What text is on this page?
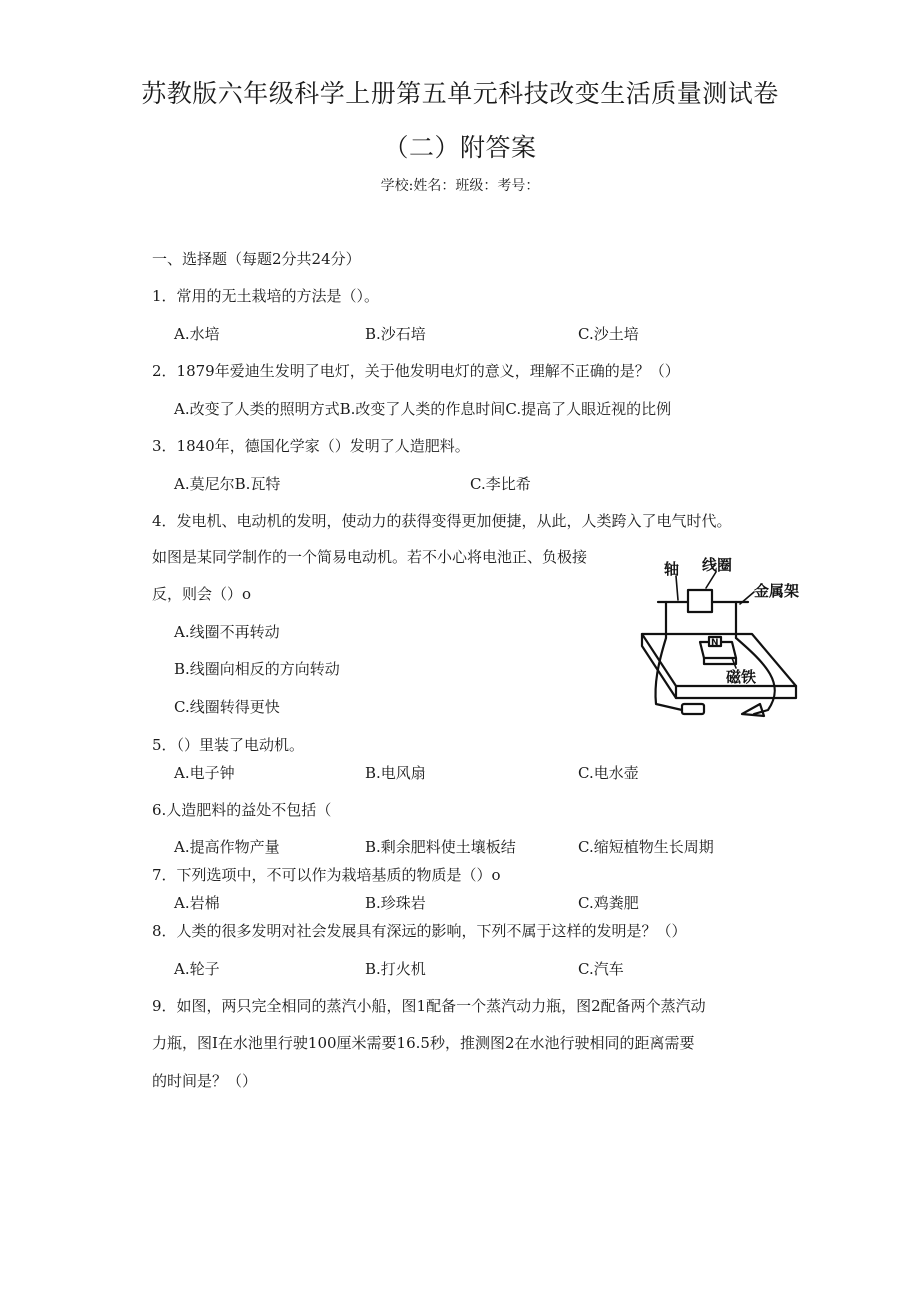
苏教版六年级科学上册第五单元科技改变生活质量测试卷
（二）附答案
学校:姓名：班级：考号：
一、选择题（每题2分共24分）
1．常用的无土栽培的方法是（）。
A.水培	B.沙石培	C.沙土培
2．1879年爱迪生发明了电灯，关于他发明电灯的意义，理解不正确的是？（）
A.改变了人类的照明方式B.改变了人类的作息时间C.提高了人眼近视的比例
3．1840年，德国化学家（）发明了人造肥料。
A.莫尼尔B.瓦特	C.李比希
4．发电机、电动机的发明，使动力的获得变得更加便捷，从此，人类跨入了电气时代。
如图是某同学制作的一个简易电动机。若不小心将电池正、负极接
反，则会（）o
A.线圈不再转动
B.线圈向相反的方向转动
C.线圈转得更快
轴 线圈
金属架
磁铁
N
5．（）里装了电动机。
A.电子钟	B.电风扇	C.电水壶
6.人造肥料的益处不包括（
A.提高作物产量	B.剩余肥料使土壤板结	C.缩短植物生长周期
7．下列选项中，不可以作为栽培基质的物质是（）o
A.岩棉	B.珍珠岩	C.鸡粪肥
8．人类的很多发明对社会发展具有深远的影响，下列不属于这样的发明是？（）
A.轮子	B.打火机	C.汽车
9．如图，两只完全相同的蒸汽小船，图1配备一个蒸汽动力瓶，图2配备两个蒸汽动
力瓶，图I在水池里行驶100厘米需要16.5秒，推测图2在水池行驶相同的距离需要
的时间是？（）
